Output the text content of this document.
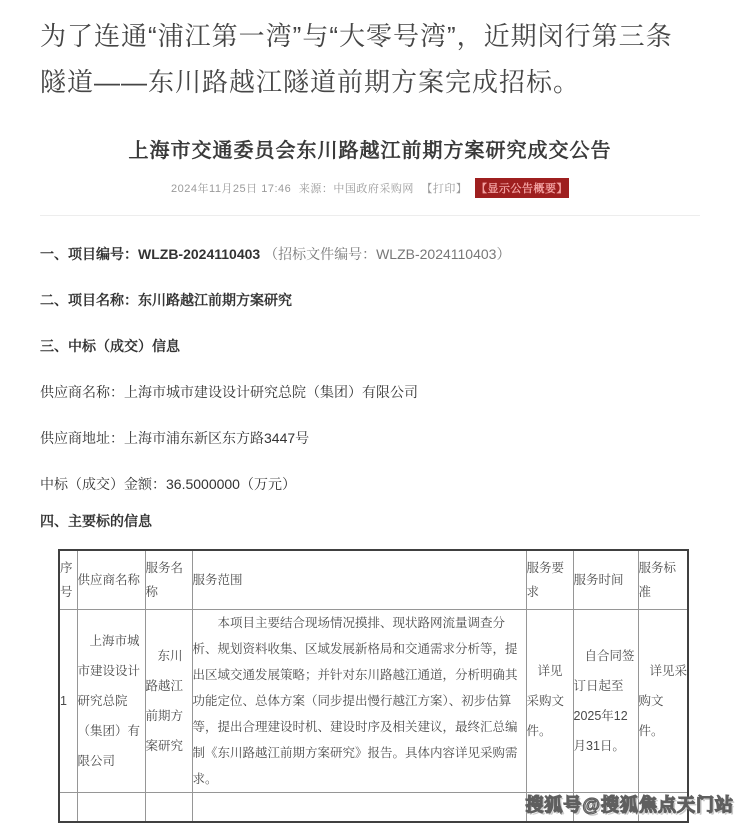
为了连通“浦江第一湾”与“大零号湾”，近期闵行第三条隧道——东川路越江隧道前期方案完成招标。

上海市交通委员会东川路越江前期方案研究成交公告
2024年11月25日 17:46 来源：中国政府采购网 【打印】 【显示公告概要】

一、项目编号：WLZB-2024110403 （招标文件编号：WLZB-2024110403）

二、项目名称：东川路越江前期方案研究

三、中标（成交）信息

供应商名称：上海市城市建设设计研究总院（集团）有限公司

供应商地址：上海市浦东新区东方路3447号

中标（成交）金额：36.5000000（万元）

四、主要标的信息

序号	供应商名称	服务名称	服务范围	服务要求	服务时间	服务标准
1	上海市城市建设设计研究总院（集团）有限公司	东川路越江前期方案研究	本项目主要结合现场情况摸排、现状路网流量调查分析、规划资料收集、区域发展新格局和交通需求分析等，提出区域交通发展策略；并针对东川路越江通道，分析明确其功能定位、总体方案（同步提出慢行越江方案）、初步估算等，提出合理建设时机、建设时序及相关建议，最终汇总编制《东川路越江前期方案研究》报告。具体内容详见采购需求。	详见采购文件。	自合同签订日起至2025年12月31日。	详见采购文件。

搜狐号@搜狐焦点天门站
